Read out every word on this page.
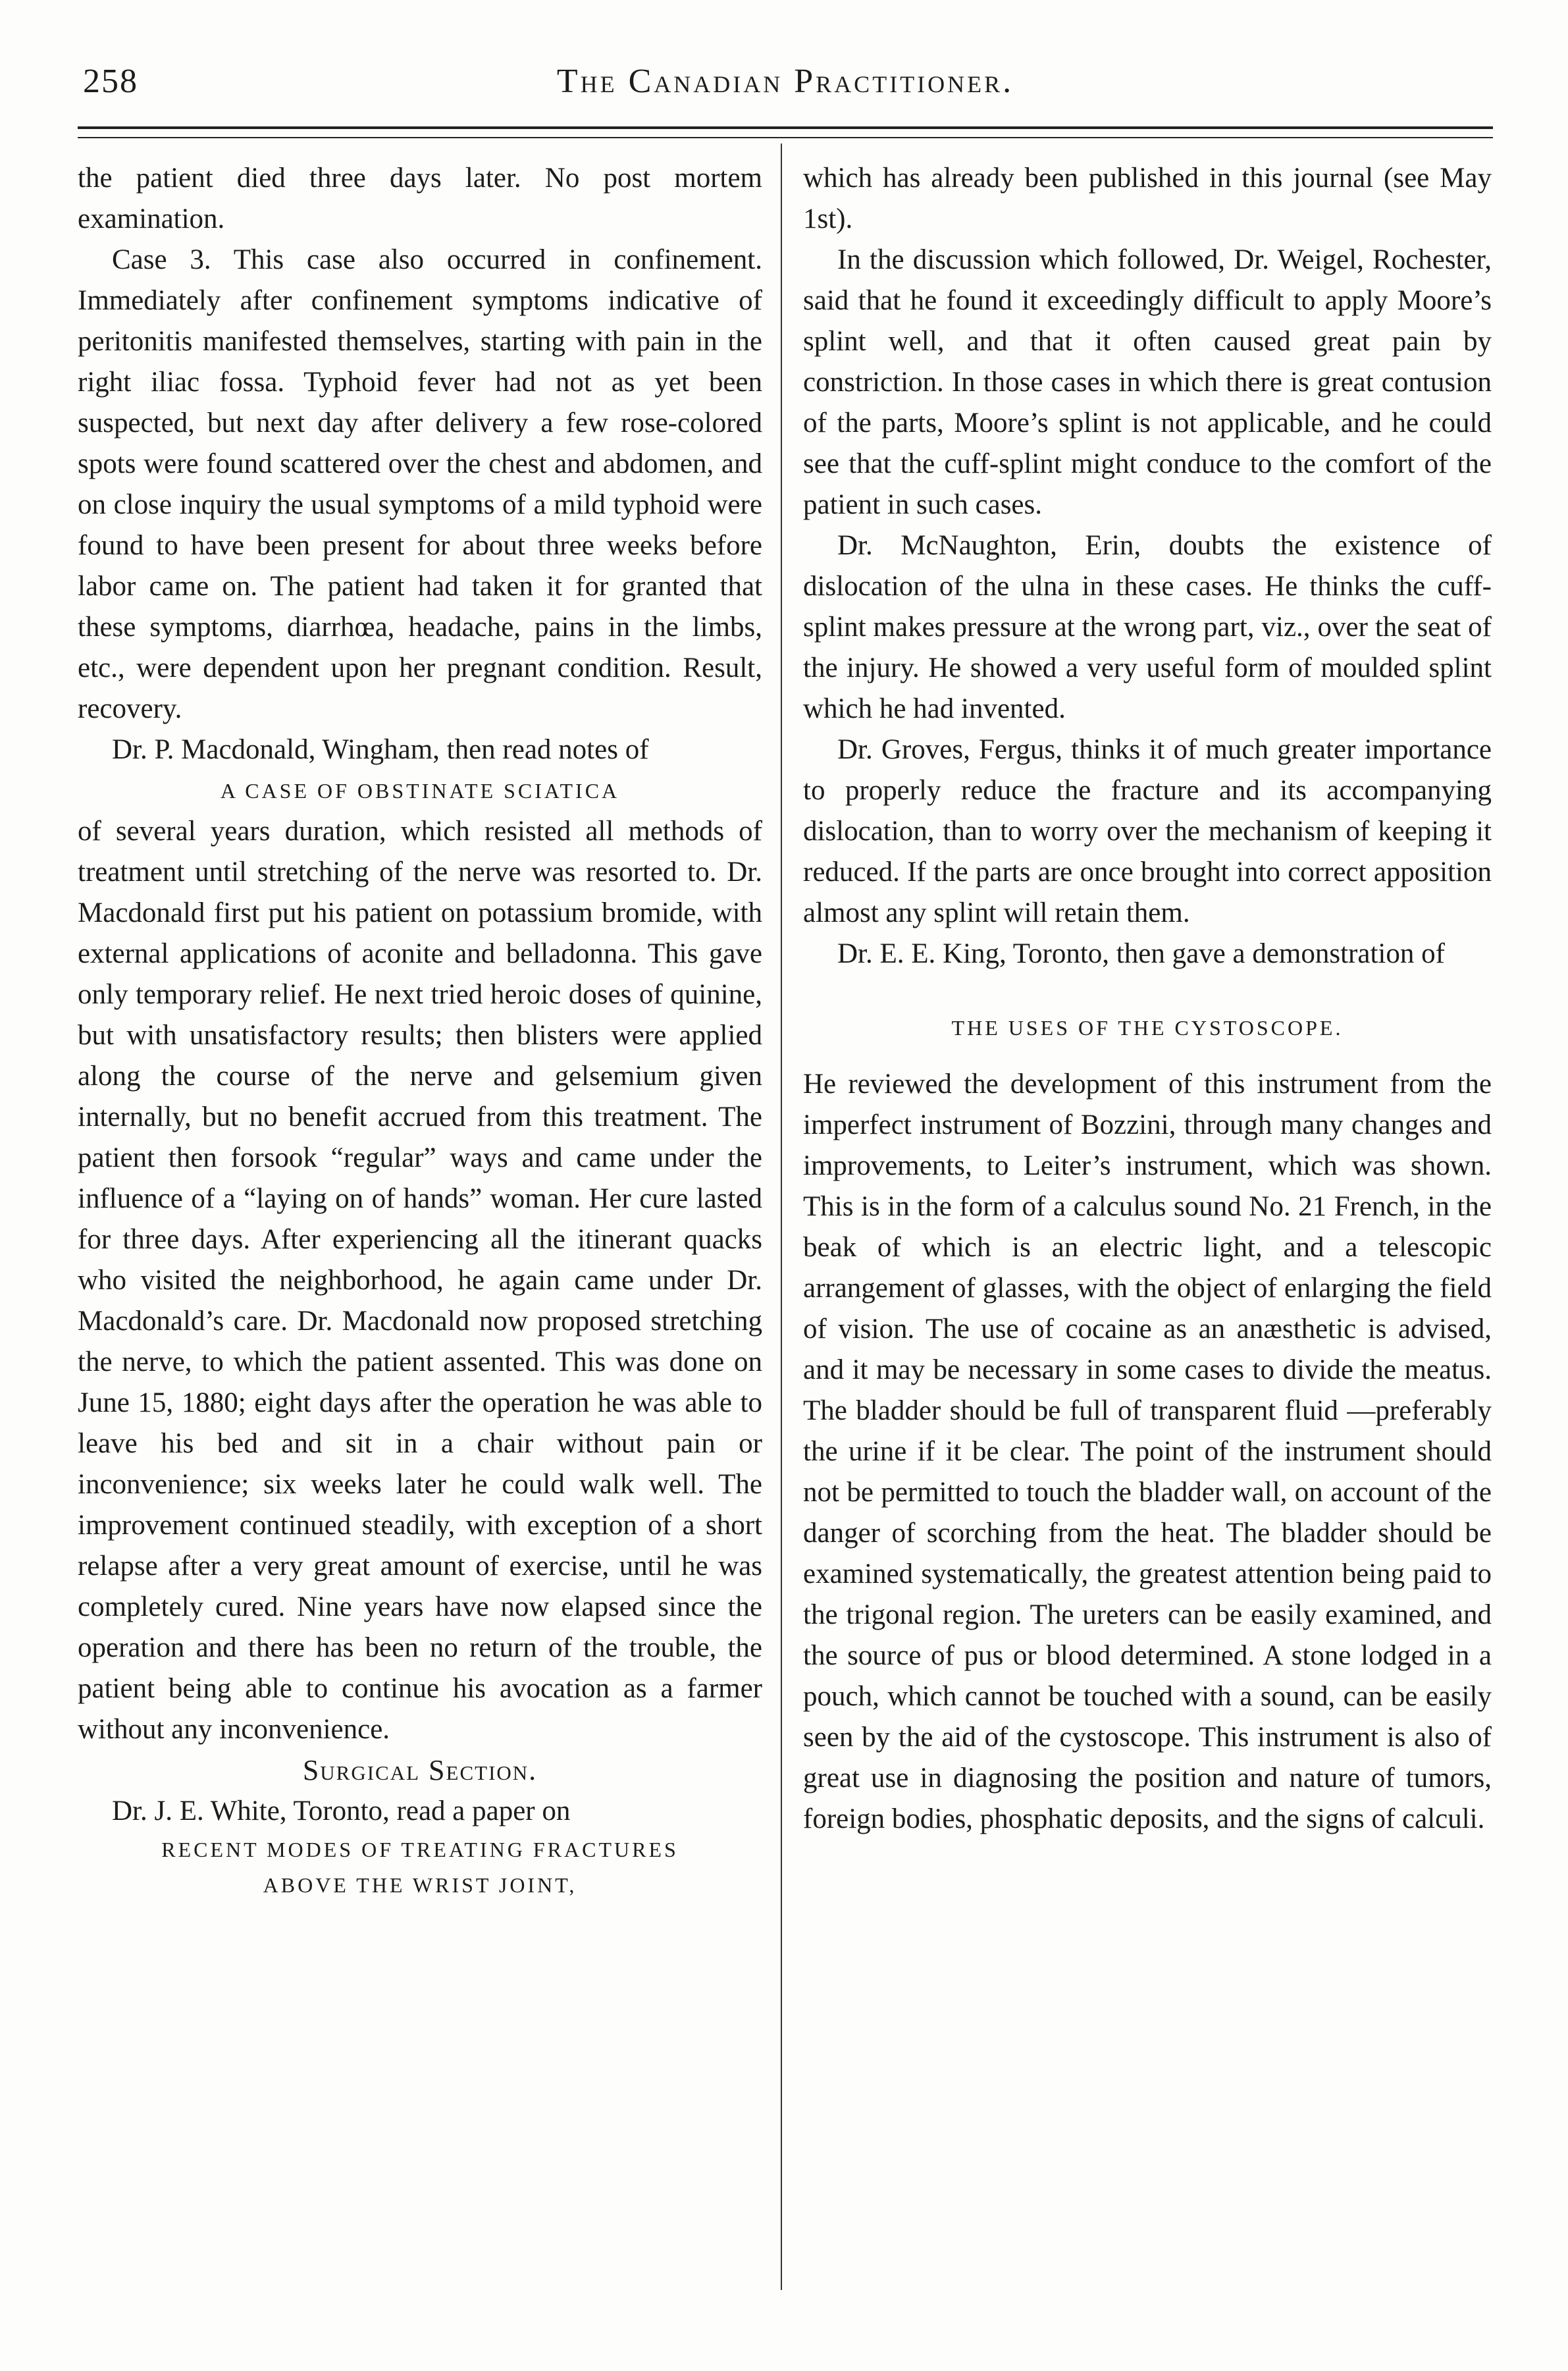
258	The Canadian Practitioner.

the patient died three days later. No post mortem examination.

Case 3. This case also occurred in confinement. Immediately after confinement symptoms indicative of peritonitis manifested themselves, starting with pain in the right iliac fossa. Typhoid fever had not as yet been suspected, but next day after delivery a few rose-colored spots were found scattered over the chest and abdomen, and on close inquiry the usual symptoms of a mild typhoid were found to have been present for about three weeks before labor came on. The patient had taken it for granted that these symptoms, diarrhœa, headache, pains in the limbs, etc., were dependent upon her pregnant condition. Result, recovery.

Dr. P. Macdonald, Wingham, then read notes of

A CASE OF OBSTINATE SCIATICA

of several years duration, which resisted all methods of treatment until stretching of the nerve was resorted to. Dr. Macdonald first put his patient on potassium bromide, with external applications of aconite and belladonna. This gave only temporary relief. He next tried heroic doses of quinine, but with unsatisfactory results; then blisters were applied along the course of the nerve and gelsemium given internally, but no benefit accrued from this treatment. The patient then forsook “regular” ways and came under the influence of a “laying on of hands” woman. Her cure lasted for three days. After experiencing all the itinerant quacks who visited the neighborhood, he again came under Dr. Macdonald’s care. Dr. Macdonald now proposed stretching the nerve, to which the patient assented. This was done on June 15, 1880; eight days after the operation he was able to leave his bed and sit in a chair without pain or inconvenience; six weeks later he could walk well. The improvement continued steadily, with exception of a short relapse after a very great amount of exercise, until he was completely cured. Nine years have now elapsed since the operation and there has been no return of the trouble, the patient being able to continue his avocation as a farmer without any inconvenience.

Surgical Section.

Dr. J. E. White, Toronto, read a paper on

RECENT MODES OF TREATING FRACTURES

ABOVE THE WRIST JOINT,

which has already been published in this journal (see May 1st).

In the discussion which followed, Dr. Weigel, Rochester, said that he found it exceedingly difficult to apply Moore’s splint well, and that it often caused great pain by constriction. In those cases in which there is great contusion of the parts, Moore’s splint is not applicable, and he could see that the cuff-splint might conduce to the comfort of the patient in such cases.

Dr. McNaughton, Erin, doubts the existence of dislocation of the ulna in these cases. He thinks the cuff-splint makes pressure at the wrong part, viz., over the seat of the injury. He showed a very useful form of moulded splint which he had invented.

Dr. Groves, Fergus, thinks it of much greater importance to properly reduce the fracture and its accompanying dislocation, than to worry over the mechanism of keeping it reduced. If the parts are once brought into correct apposition almost any splint will retain them.

Dr. E. E. King, Toronto, then gave a demonstration of

THE USES OF THE CYSTOSCOPE.

He reviewed the development of this instrument from the imperfect instrument of Bozzini, through many changes and improvements, to Leiter’s instrument, which was shown. This is in the form of a calculus sound No. 21 French, in the beak of which is an electric light, and a telescopic arrangement of glasses, with the object of enlarging the field of vision. The use of cocaine as an anæsthetic is advised, and it may be necessary in some cases to divide the meatus. The bladder should be full of transparent fluid —preferably the urine if it be clear. The point of the instrument should not be permitted to touch the bladder wall, on account of the danger of scorching from the heat. The bladder should be examined systematically, the greatest attention being paid to the trigonal region. The ureters can be easily examined, and the source of pus or blood determined. A stone lodged in a pouch, which cannot be touched with a sound, can be easily seen by the aid of the cystoscope. This instrument is also of great use in diagnosing the position and nature of tumors, foreign bodies, phosphatic deposits, and the signs of calculi.
